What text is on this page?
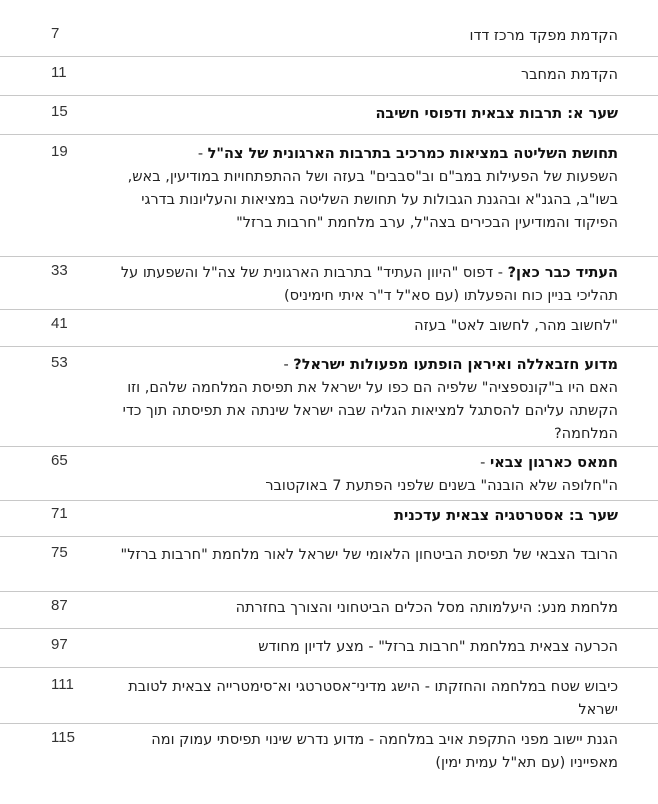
7	הקדמת מפקד מרכז דדו
11	הקדמת המחבר
15	שער א: תרבות צבאית ודפוסי חשיבה
19	תחושת השליטה במציאות כמרכיב בתרבות הארגונית של צה"ל -
השפעות של הפעילות במב"ם וב"סבבים" בעזה ושל ההתפתחויות במודיעין, באש, בשו"ב, בהגנ"א ובהגנת הגבולות על תחושת השליטה במציאות והעליונות בדרגי הפיקוד והמודיעין הבכירים בצה"ל, ערב מלחמת "חרבות ברזל"
33	העתיד כבר כאן? - דפוס "היוון העתיד" בתרבות הארגונית של צה"ל והשפעתו על תהליכי בניין כוח והפעלתו (עם סא"ל ד"ר איתי חימיניס)
41	"לחשוב מהר, לחשוב לאט" בעזה
53	מדוע חזבאללה ואיראן הופתעו מפעולות ישראל? -
האם היו ב"קונספציה" שלפיה הם כפו על ישראל את תפיסת המלחמה שלהם, וזו הקשתה עליהם להסתגל למציאות הגליה שבה ישראל שינתה את תפיסתה תוך כדי המלחמה?
65	חמאס כארגון צבאי -
ה"חלופה שלא הובנה" בשנים שלפני הפתעת 7 באוקטובר
71	שער ב: אסטרטגיה צבאית עדכנית
75	הרובד הצבאי של תפיסת הביטחון הלאומי של ישראל לאור מלחמת "חרבות ברזל"
87	מלחמת מנע: היעלמותה מסל הכלים הביטחוני והצורך בחזרתה
97	הכרעה צבאית במלחמת "חרבות ברזל" - מצע לדיון מחודש
111	כיבוש שטח במלחמה והחזקתו - הישג מדיני־אסטרטגי וא־סימטרייה צבאית לטובת ישראל
115	הגנת יישוב מפני התקפת אויב במלחמה - מדוע נדרש שינוי תפיסתי עמוק ומה מאפייניו (עם תא"ל עמית ימין)
